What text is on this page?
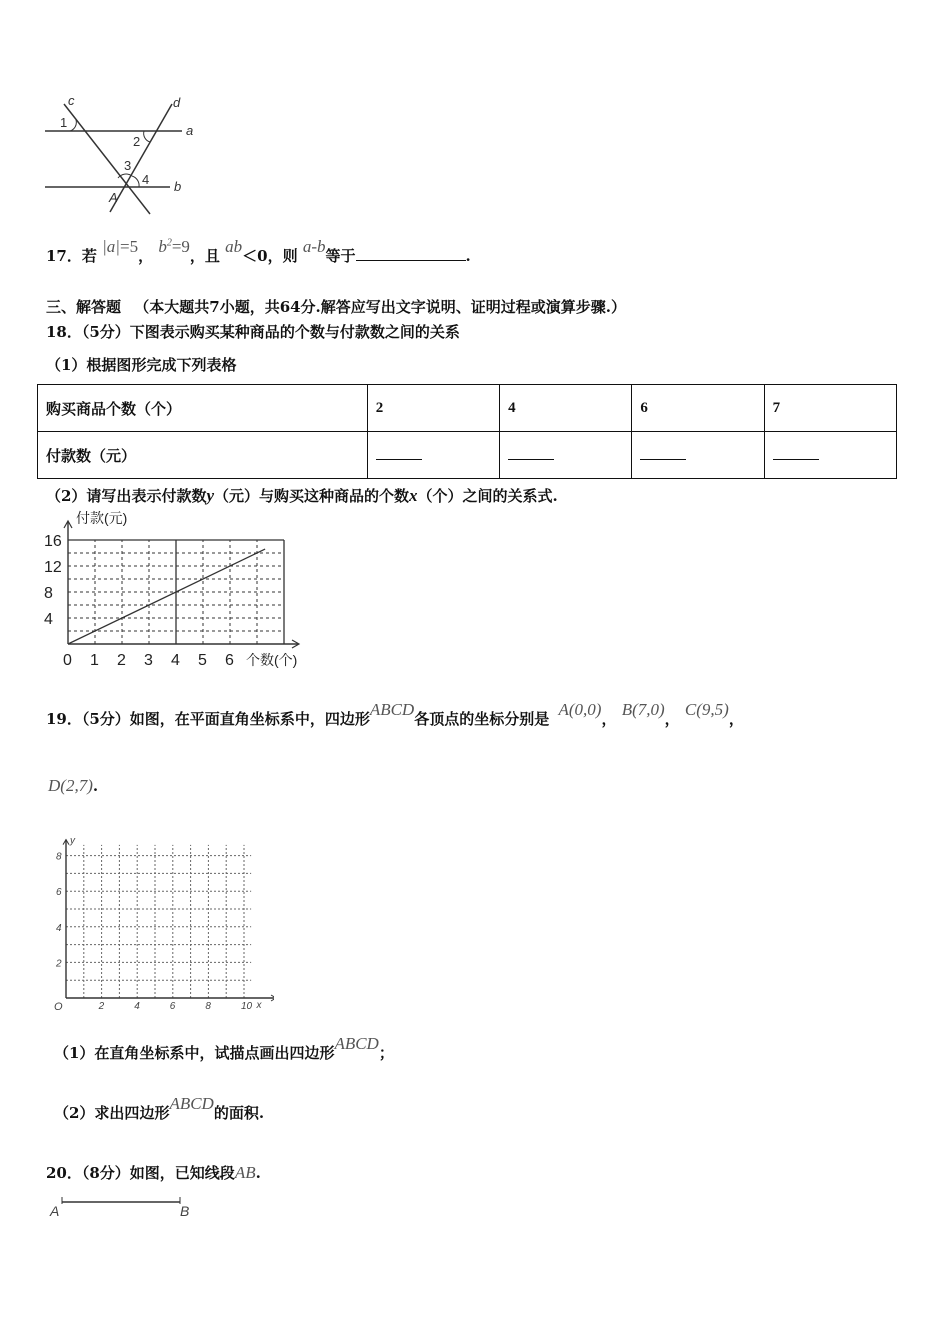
c	d
a
b
A
1
2
3
4
17．若 |a|=5， $b^2=9$，且 ab＜0，则 a-b等于	.
三、解答题 （本大题共7小题，共64分.解答应写出文字说明、证明过程或演算步骤.）
18．（5分）下图表示购买某种商品的个数与付款数之间的关系
（1）根据图形完成下列表格
购买商品个数（个）	2	4	6	7
付款数（元）				
（2）请写出表示付款数y（元）与购买这种商品的个数x（个）之间的关系式.
0 1 2 3 4 5 6
4
8
12
16
付款(元)
个数(个)
19．（5分）如图，在平面直角坐标系中，四边形ABCD各顶点的坐标分别是 A(0,0)， B(7,0)， C(9,5)，
D(2,7).
2	4	6	8	10
2
4
6
8
O
y
x
（1）在直角坐标系中，试描点画出四边形ABCD；
（2）求出四边形ABCD的面积.
20．（8分）如图，已知线段AB.
A	B
